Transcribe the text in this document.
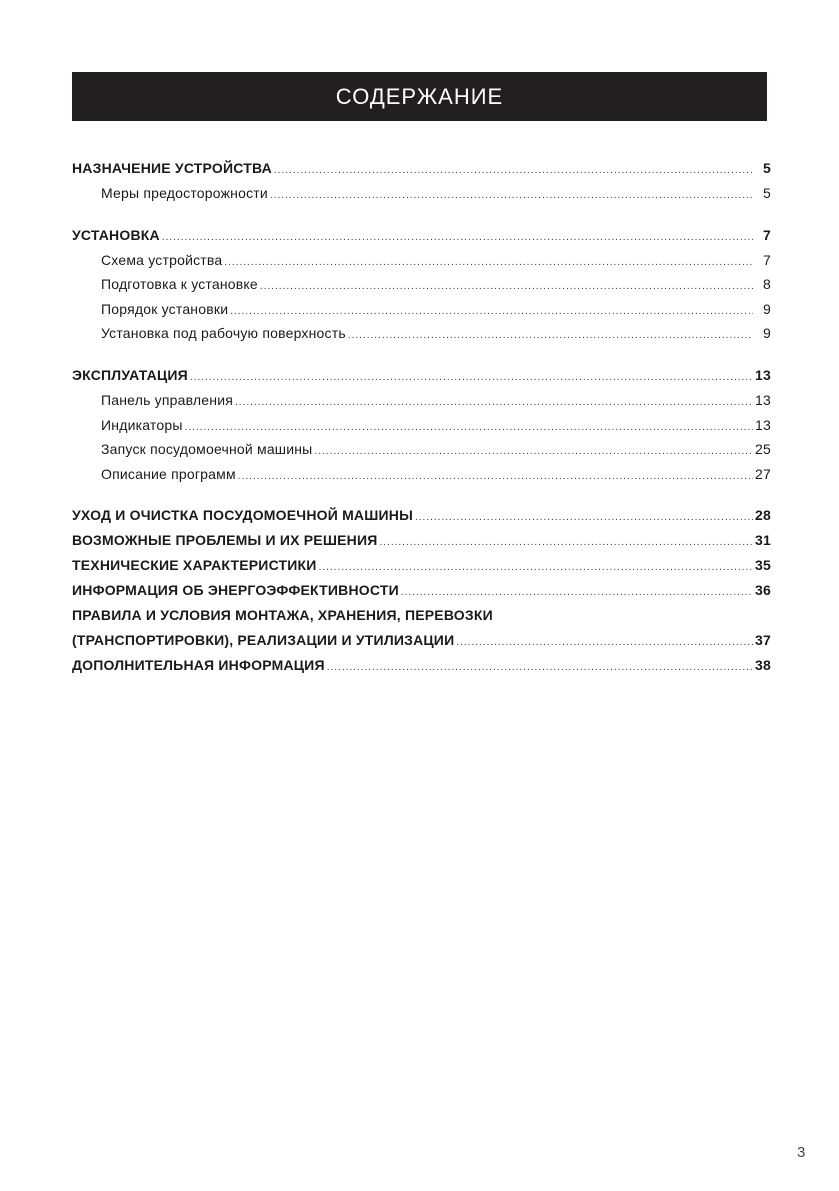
СОДЕРЖАНИЕ
НАЗНАЧЕНИЕ УСТРОЙСТВА .....	5
Меры предосторожности .....	5
УСТАНОВКА .....	7
Схема устройства .....	7
Подготовка к установке .....	8
Порядок установки .....	9
Установка под рабочую поверхность .....	9
ЭКСПЛУАТАЦИЯ .....	13
Панель управления .....	13
Индикаторы .....	13
Запуск посудомоечной машины .....	25
Описание программ .....	27
УХОД И ОЧИСТКА ПОСУДОМОЕЧНОЙ МАШИНЫ .....	28
ВОЗМОЖНЫЕ ПРОБЛЕМЫ И ИХ РЕШЕНИЯ .....	31
ТЕХНИЧЕСКИЕ ХАРАКТЕРИСТИКИ .....	35
ИНФОРМАЦИЯ ОБ ЭНЕРГОЭФФЕКТИВНОСТИ .....	36
ПРАВИЛА И УСЛОВИЯ МОНТАЖА, ХРАНЕНИЯ, ПЕРЕВОЗКИ
(ТРАНСПОРТИРОВКИ), РЕАЛИЗАЦИИ И УТИЛИЗАЦИИ .....	37
ДОПОЛНИТЕЛЬНАЯ ИНФОРМАЦИЯ .....	38
3
